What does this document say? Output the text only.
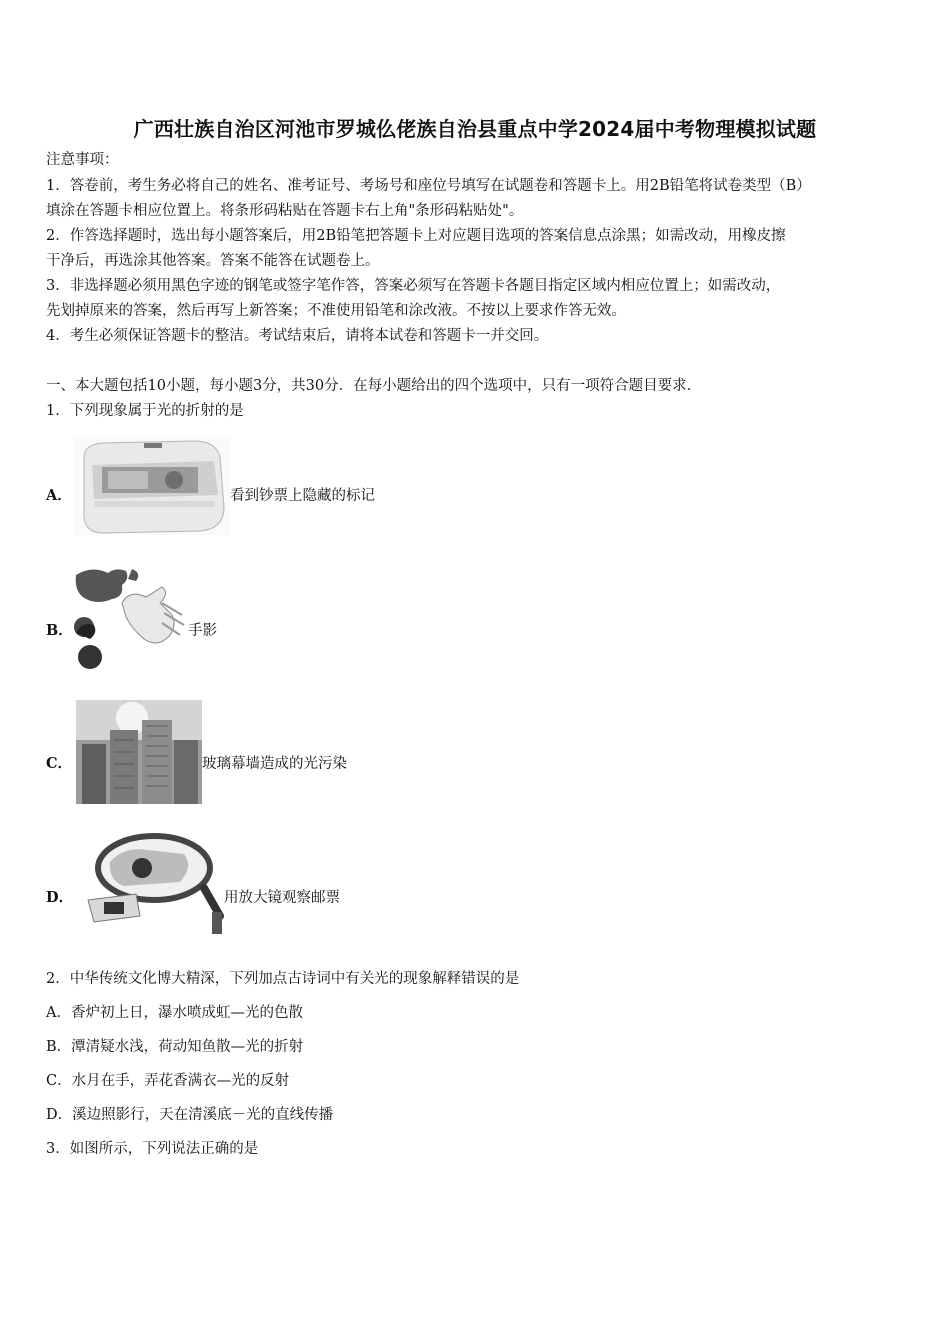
广西壮族自治区河池市罗城仫佬族自治县重点中学2024届中考物理模拟试题
注意事项：
1．答卷前，考生务必将自己的姓名、准考证号、考场号和座位号填写在试题卷和答题卡上。用2B铅笔将试卷类型（B）
填涂在答题卡相应位置上。将条形码粘贴在答题卡右上角"条形码粘贴处"。
2．作答选择题时，选出每小题答案后，用2B铅笔把答题卡上对应题目选项的答案信息点涂黑；如需改动，用橡皮擦
干净后，再选涂其他答案。答案不能答在试题卷上。
3．非选择题必须用黑色字迹的钢笔或签字笔作答，答案必须写在答题卡各题目指定区域内相应位置上；如需改动，
先划掉原来的答案，然后再写上新答案；不准使用铅笔和涂改液。不按以上要求作答无效。
4．考生必须保证答题卡的整洁。考试结束后，请将本试卷和答题卡一并交回。
一、本大题包括10小题，每小题3分，共30分．在每小题给出的四个选项中，只有一项符合题目要求．
1．下列现象属于光的折射的是
A．	看到钞票上隐藏的标记
B．	手影
C．	玻璃幕墙造成的光污染
D．	用放大镜观察邮票
2．中华传统文化博大精深，下列加点古诗词中有关光的现象解释错误的是
A．香炉初上日，瀑水喷成虹—光的色散
B．潭清疑水浅，荷动知鱼散—光的折射
C．水月在手，弄花香满衣—光的反射
D．溪边照影行，天在清溪底－光的直线传播
3．如图所示，下列说法正确的是
